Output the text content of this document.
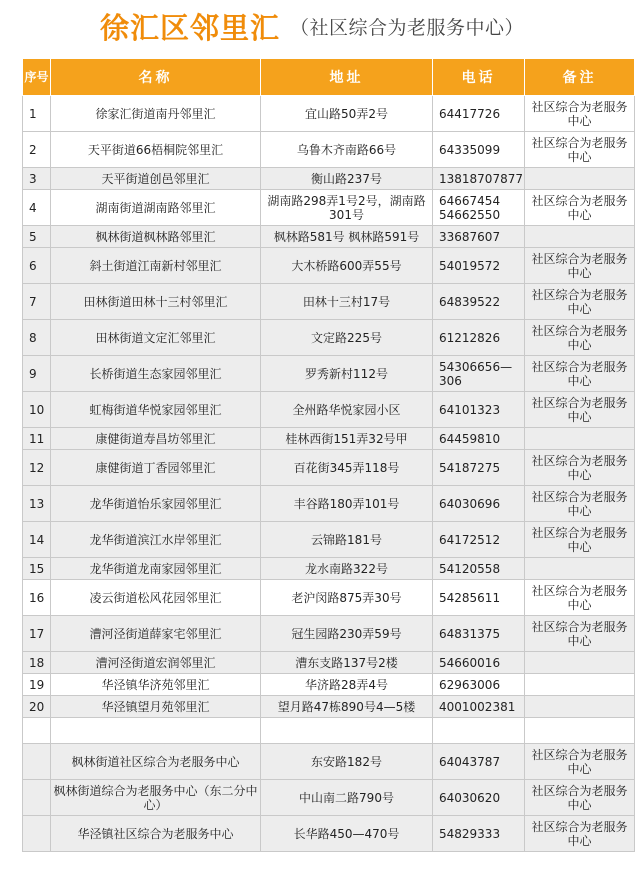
徐汇区邻里汇 （社区综合为老服务中心）
序号	名称	地址	电话	备注
1	徐家汇街道南丹邻里汇	宜山路50弄2号	64417726	社区综合为老服务中心
2	天平街道66梧桐院邻里汇	乌鲁木齐南路66号	64335099	社区综合为老服务中心
3	天平街道创邑邻里汇	衡山路237号	13818707877	
4	湖南街道湖南路邻里汇	湖南路298弄1号2号，湖南路301号	64667454 54662550	社区综合为老服务中心
5	枫林街道枫林路邻里汇	枫林路581号 枫林路591号	33687607	
6	斜土街道江南新村邻里汇	大木桥路600弄55号	54019572	社区综合为老服务中心
7	田林街道田林十三村邻里汇	田林十三村17号	64839522	社区综合为老服务中心
8	田林街道文定汇邻里汇	文定路225号	61212826	社区综合为老服务中心
9	长桥街道生态家园邻里汇	罗秀新村112号	54306656—306	社区综合为老服务中心
10	虹梅街道华悦家园邻里汇	全州路华悦家园小区	64101323	社区综合为老服务中心
11	康健街道寿昌坊邻里汇	桂林西街151弄32号甲	64459810	
12	康健街道丁香园邻里汇	百花街345弄118号	54187275	社区综合为老服务中心
13	龙华街道怡乐家园邻里汇	丰谷路180弄101号	64030696	社区综合为老服务中心
14	龙华街道滨江水岸邻里汇	云锦路181号	64172512	社区综合为老服务中心
15	龙华街道龙南家园邻里汇	龙水南路322号	54120558	
16	凌云街道松风花园邻里汇	老沪闵路875弄30号	54285611	社区综合为老服务中心
17	漕河泾街道薛家宅邻里汇	冠生园路230弄59号	64831375	社区综合为老服务中心
18	漕河泾街道宏润邻里汇	漕东支路137号2楼	54660016	
19	华泾镇华济苑邻里汇	华济路28弄4号	62963006	
20	华泾镇望月苑邻里汇	望月路47栋890号4—5楼	4001002381	

	枫林街道社区综合为老服务中心	东安路182号	64043787	社区综合为老服务中心
	枫林街道综合为老服务中心（东二分中心）	中山南二路790号	64030620	社区综合为老服务中心
	华泾镇社区综合为老服务中心	长华路450—470号	54829333	社区综合为老服务中心
